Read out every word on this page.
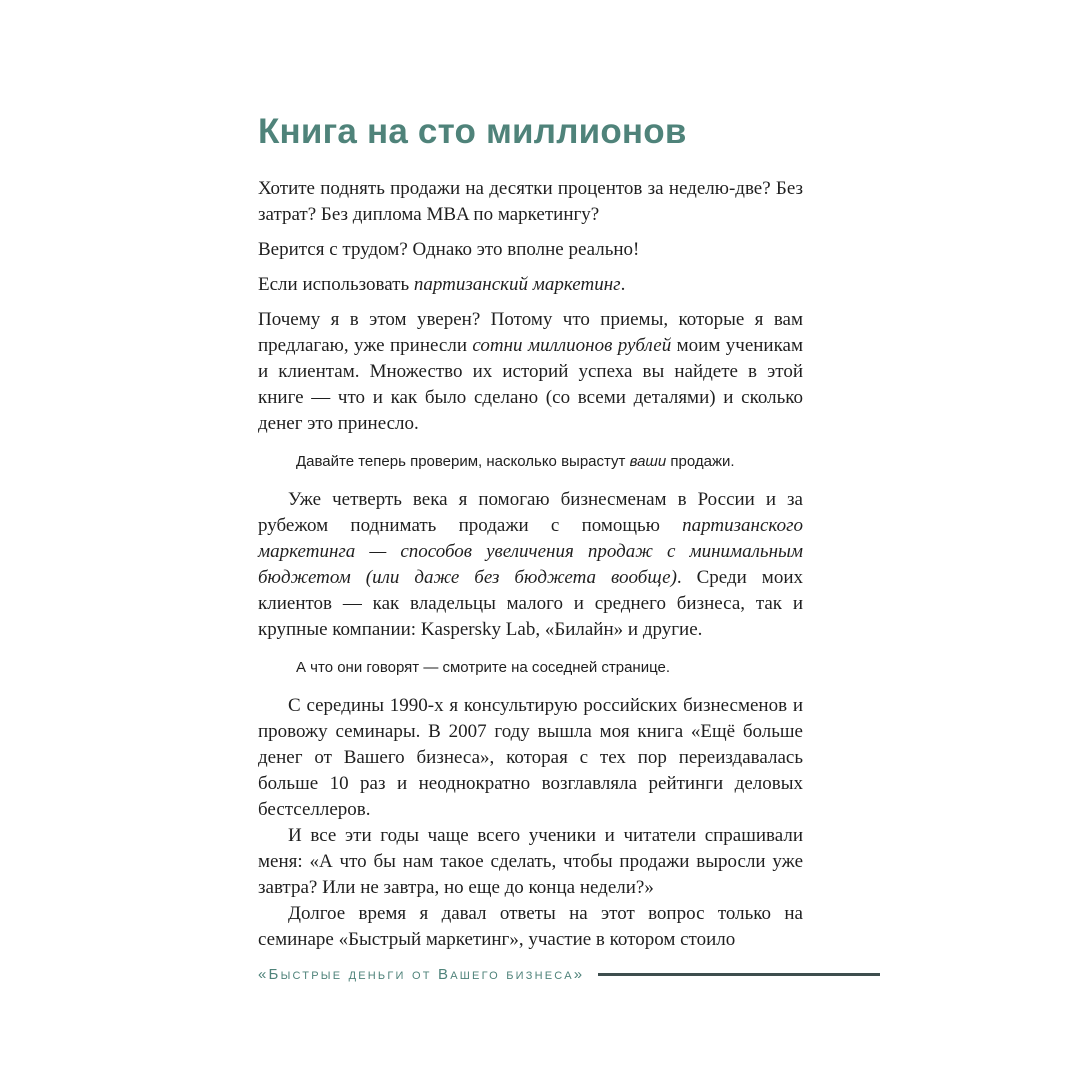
Книга на сто миллионов

Хотите поднять продажи на десятки процентов за неделю-две? Без затрат? Без диплома MBA по маркетингу?

Верится с трудом? Однако это вполне реально!

Если использовать партизанский маркетинг.

Почему я в этом уверен? Потому что приемы, которые я вам предлагаю, уже принесли сотни миллионов рублей моим ученикам и клиентам. Множество их историй успеха вы найдете в этой книге — что и как было сделано (со всеми деталями) и сколько денег это принесло.

Давайте теперь проверим, насколько вырастут ваши продажи.

Уже четверть века я помогаю бизнесменам в России и за рубежом поднимать продажи с помощью партизанского маркетинга — способов увеличения продаж с минимальным бюджетом (или даже без бюджета вообще). Среди моих клиентов — как владельцы малого и среднего бизнеса, так и крупные компании: Kaspersky Lab, «Билайн» и другие.

А что они говорят — смотрите на соседней странице.

С середины 1990-х я консультирую российских бизнесменов и провожу семинары. В 2007 году вышла моя книга «Ещё больше денег от Вашего бизнеса», которая с тех пор переиздавалась больше 10 раз и неоднократно возглавляла рейтинги деловых бестселлеров.

И все эти годы чаще всего ученики и читатели спрашивали меня: «А что бы нам такое сделать, чтобы продажи выросли уже завтра? Или не завтра, но еще до конца недели?»

Долгое время я давал ответы на этот вопрос только на семинаре «Быстрый маркетинг», участие в котором стоило

«Быстрые деньги от Вашего бизнеса»
